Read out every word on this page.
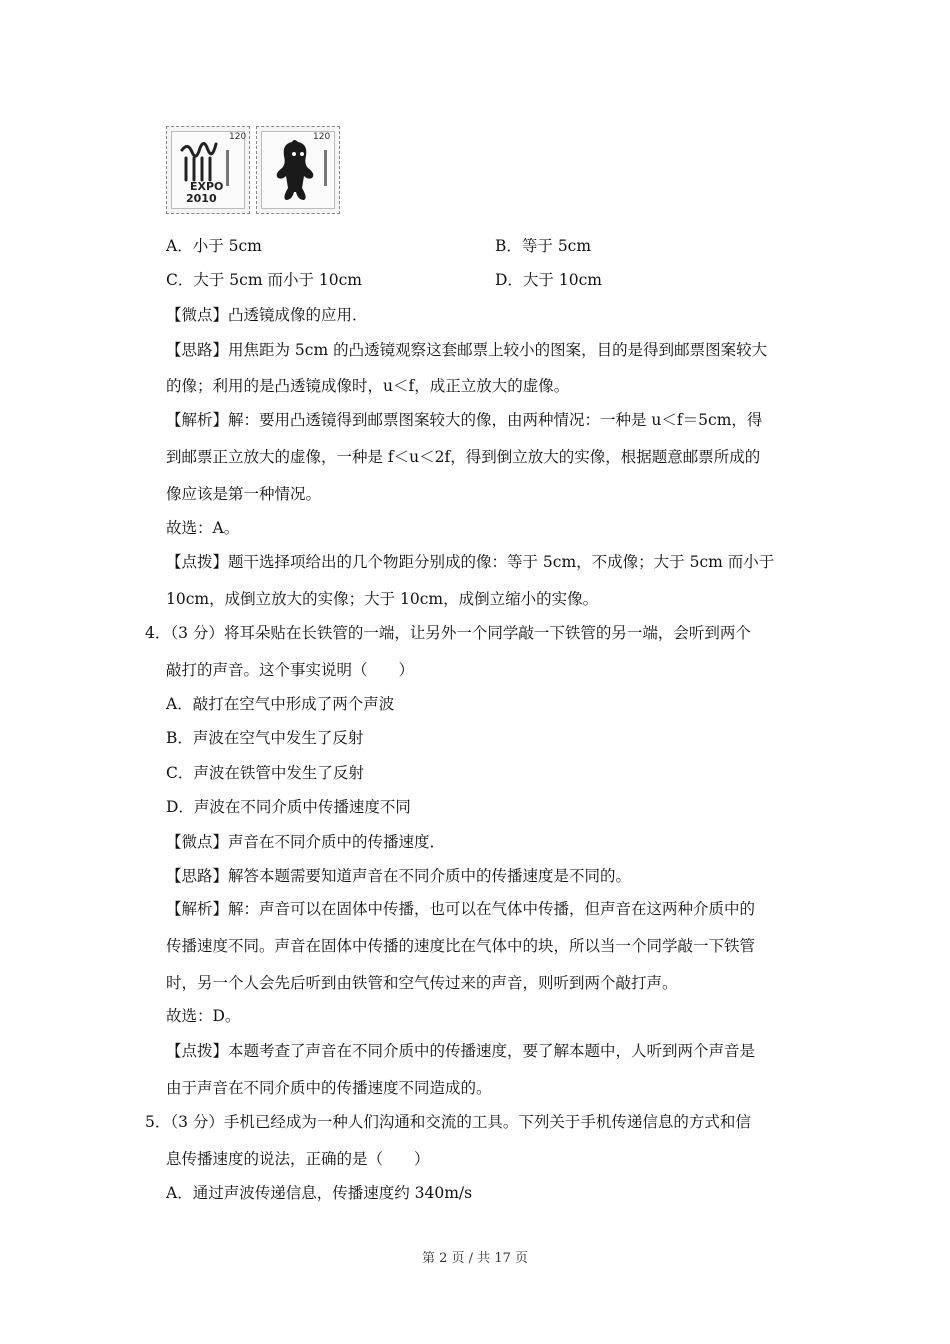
EXPO
2010
120	120
A．小于 5cm	B．等于 5cm
C．大于 5cm 而小于 10cm	D．大于 10cm
【微点】凸透镜成像的应用．
【思路】用焦距为 5cm 的凸透镜观察这套邮票上较小的图案，目的是得到邮票图案较大
的像；利用的是凸透镜成像时，u＜f，成正立放大的虚像。
【解析】解：要用凸透镜得到邮票图案较大的像，由两种情况：一种是 u＜f＝5cm，得
到邮票正立放大的虚像，一种是 f＜u＜2f，得到倒立放大的实像，根据题意邮票所成的
像应该是第一种情况。
故选：A。
【点拨】题干选择项给出的几个物距分别成的像：等于 5cm，不成像；大于 5cm 而小于
10cm，成倒立放大的实像；大于 10cm，成倒立缩小的实像。
4．（3 分）将耳朵贴在长铁管的一端，让另外一个同学敲一下铁管的另一端，会听到两个
敲打的声音。这个事实说明（　　）
A．敲打在空气中形成了两个声波
B．声波在空气中发生了反射
C．声波在铁管中发生了反射
D．声波在不同介质中传播速度不同
【微点】声音在不同介质中的传播速度．
【思路】解答本题需要知道声音在不同介质中的传播速度是不同的。
【解析】解：声音可以在固体中传播，也可以在气体中传播，但声音在这两种介质中的
传播速度不同。声音在固体中传播的速度比在气体中的块，所以当一个同学敲一下铁管
时，另一个人会先后听到由铁管和空气传过来的声音，则听到两个敲打声。
故选：D。
【点拨】本题考查了声音在不同介质中的传播速度，要了解本题中，人听到两个声音是
由于声音在不同介质中的传播速度不同造成的。
5．（3 分）手机已经成为一种人们沟通和交流的工具。下列关于手机传递信息的方式和信
息传播速度的说法，正确的是（　　）
A．通过声波传递信息，传播速度约 340m/s
第 2 页 / 共 17 页
